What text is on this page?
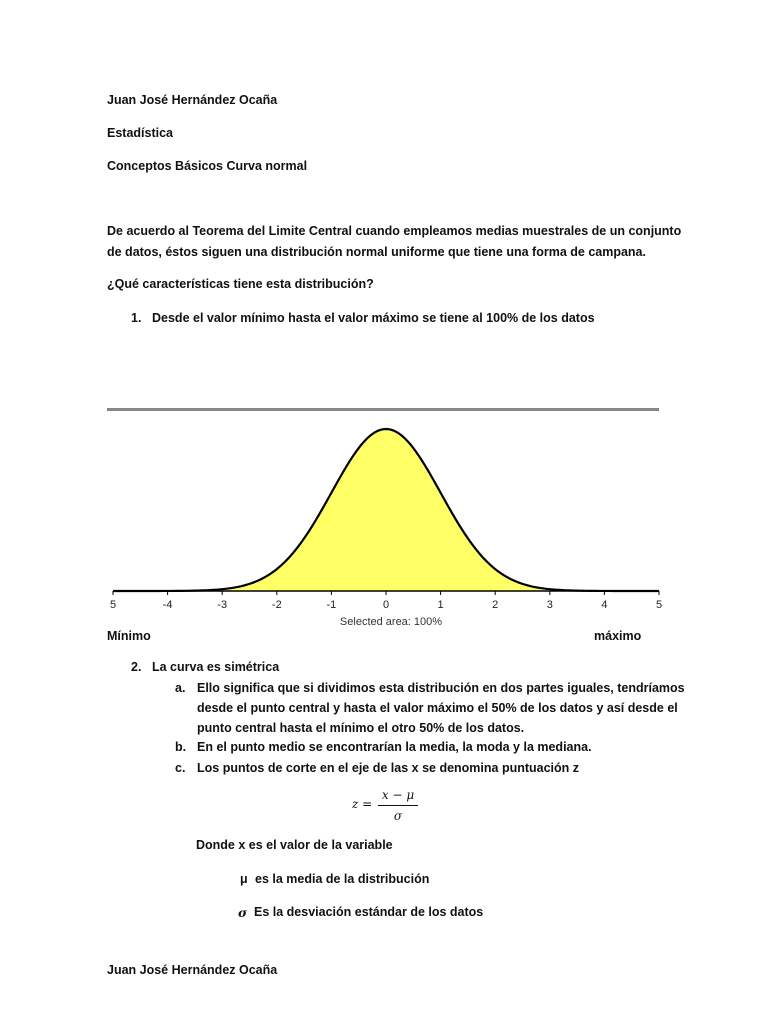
Juan José Hernández Ocaña
Estadística
Conceptos Básicos Curva normal
De acuerdo al Teorema del Limite Central cuando empleamos medias muestrales de un conjunto
de datos, éstos siguen una distribución normal uniforme que tiene una forma de campana.
¿Qué características tiene esta distribución?
1. Desde el valor mínimo hasta el valor máximo se tiene al 100% de los datos
5	-4	-3	-2	-1	0	1	2	3	4	5
Selected area: 100%
Mínimo	máximo
2. La curva es simétrica
a. Ello significa que si dividimos esta distribución en dos partes iguales, tendríamos
desde el punto central y hasta el valor máximo el 50% de los datos y así desde el
punto central hasta el mínimo el otro 50% de los datos.
b. En el punto medio se encontrarían la media, la moda y la mediana.
c. Los puntos de corte en el eje de las x se denomina puntuación z
z =
x − μ
σ
Donde x es el valor de la variable
μ es la media de la distribución
σ Es la desviación estándar de los datos
Juan José Hernández Ocaña
